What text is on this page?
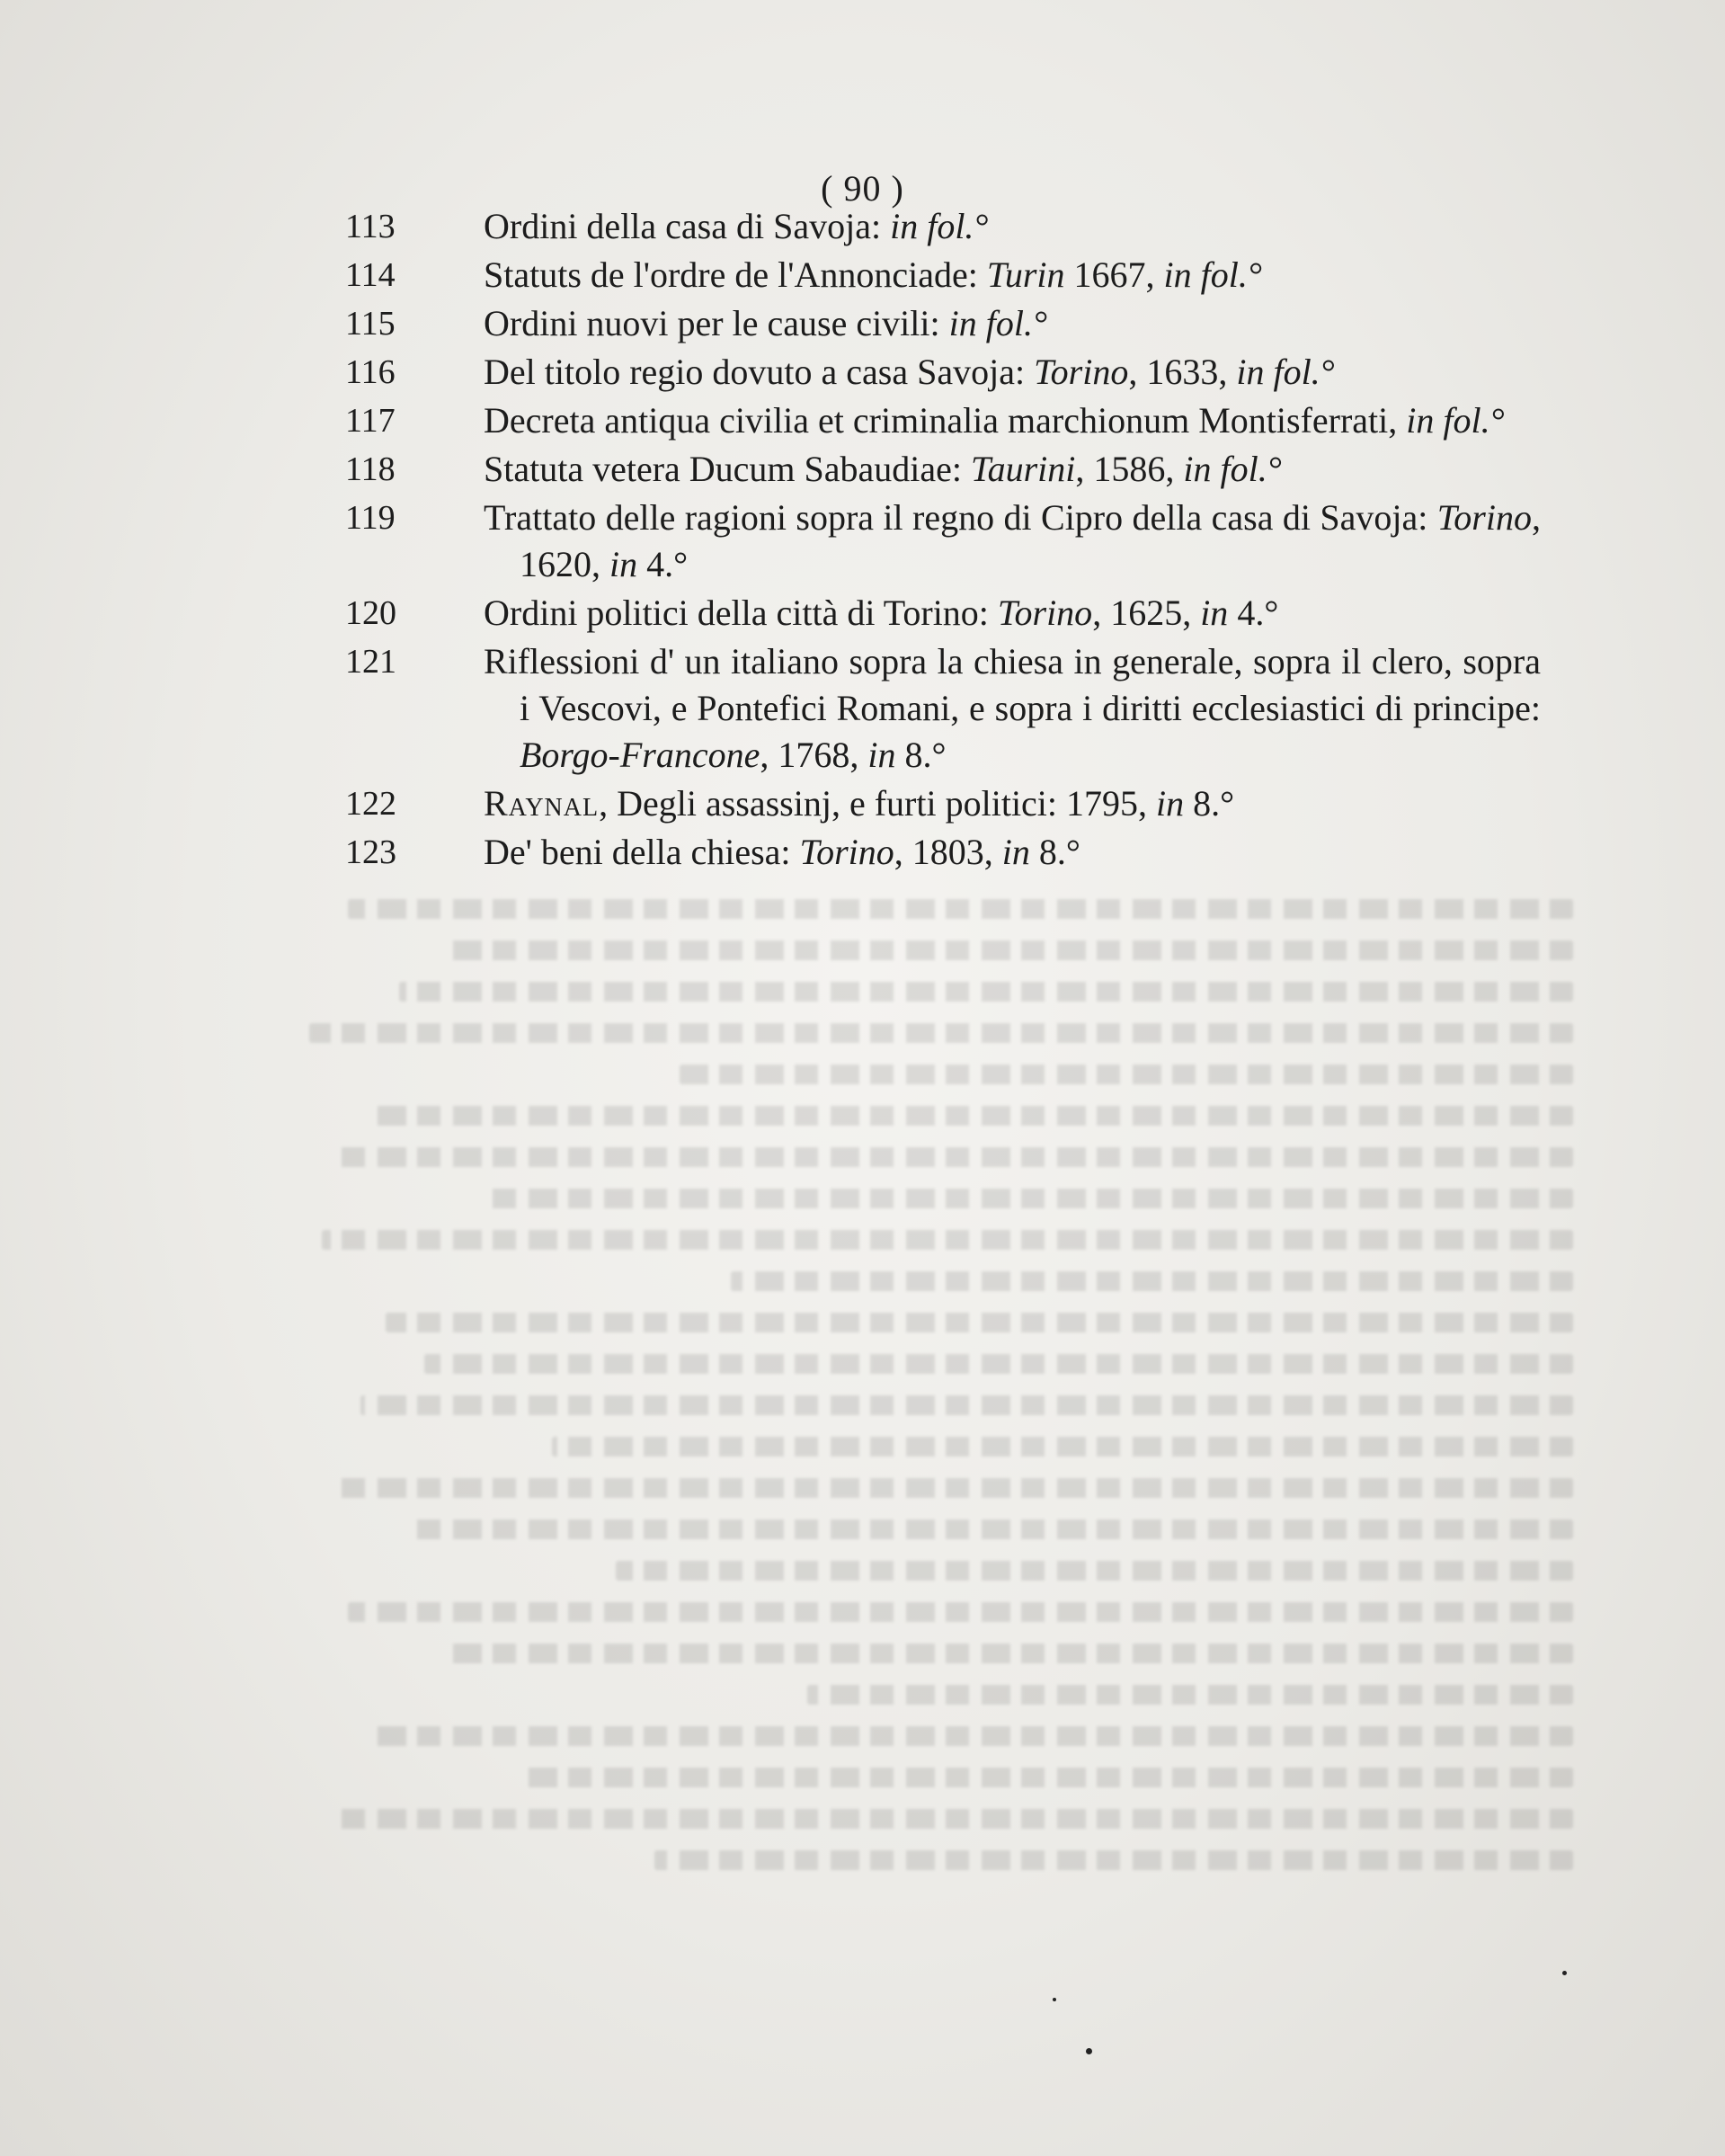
( 90 )
113	Ordini della casa di Savoja: in fol.°
114	Statuts de l'ordre de l'Annonciade: Turin 1667, in fol.°
115	Ordini nuovi per le cause civili: in fol.°
116	Del titolo regio dovuto a casa Savoja: Torino, 1633, in fol.°
117	Decreta antiqua civilia et criminalia marchionum Montisferrati, in fol.°
118	Statuta vetera Ducum Sabaudiae: Taurini, 1586, in fol.°
119	Trattato delle ragioni sopra il regno di Cipro della casa di Savoja: Torino, 1620, in 4.°
120	Ordini politici della città di Torino: Torino, 1625, in 4.°
121	Riflessioni d' un italiano sopra la chiesa in generale, sopra il clero, sopra i Vescovi, e Pontefici Romani, e sopra i diritti ecclesiastici di principe: Borgo-Francone, 1768, in 8.°
122	Raynal, Degli assassinj, e furti politici: 1795, in 8.°
123	De' beni della chiesa: Torino, 1803, in 8.°
